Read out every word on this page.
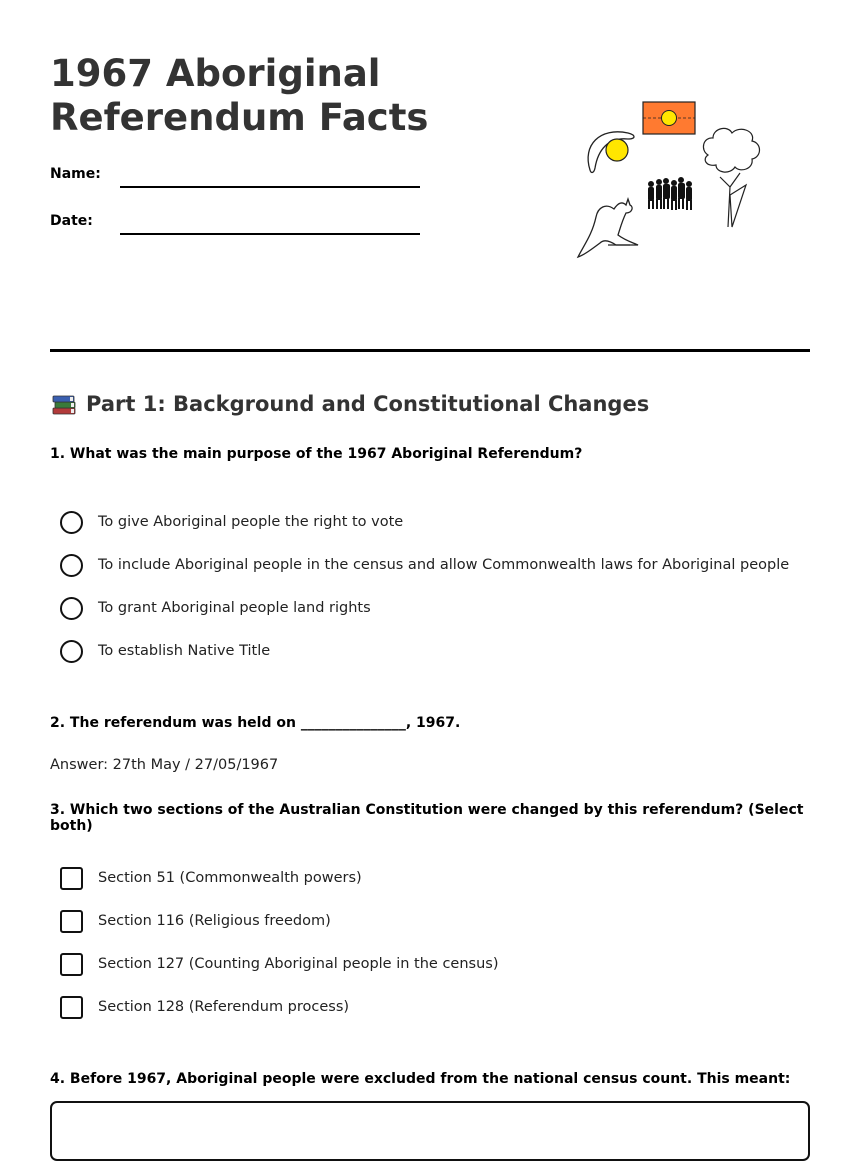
1967 Aboriginal
Referendum Facts
Name:
Date:
Part 1: Background and Constitutional Changes

1. What was the main purpose of the 1967 Aboriginal Referendum?

To give Aboriginal people the right to vote
To include Aboriginal people in the census and allow Commonwealth laws for Aboriginal people
To grant Aboriginal people land rights
To establish Native Title

2. The referendum was held on _______________, 1967.

Answer: 27th May / 27/05/1967

3. Which two sections of the Australian Constitution were changed by this referendum? (Select both)

Section 51 (Commonwealth powers)
Section 116 (Religious freedom)
Section 127 (Counting Aboriginal people in the census)
Section 128 (Referendum process)

4. Before 1967, Aboriginal people were excluded from the national census count. This meant:
